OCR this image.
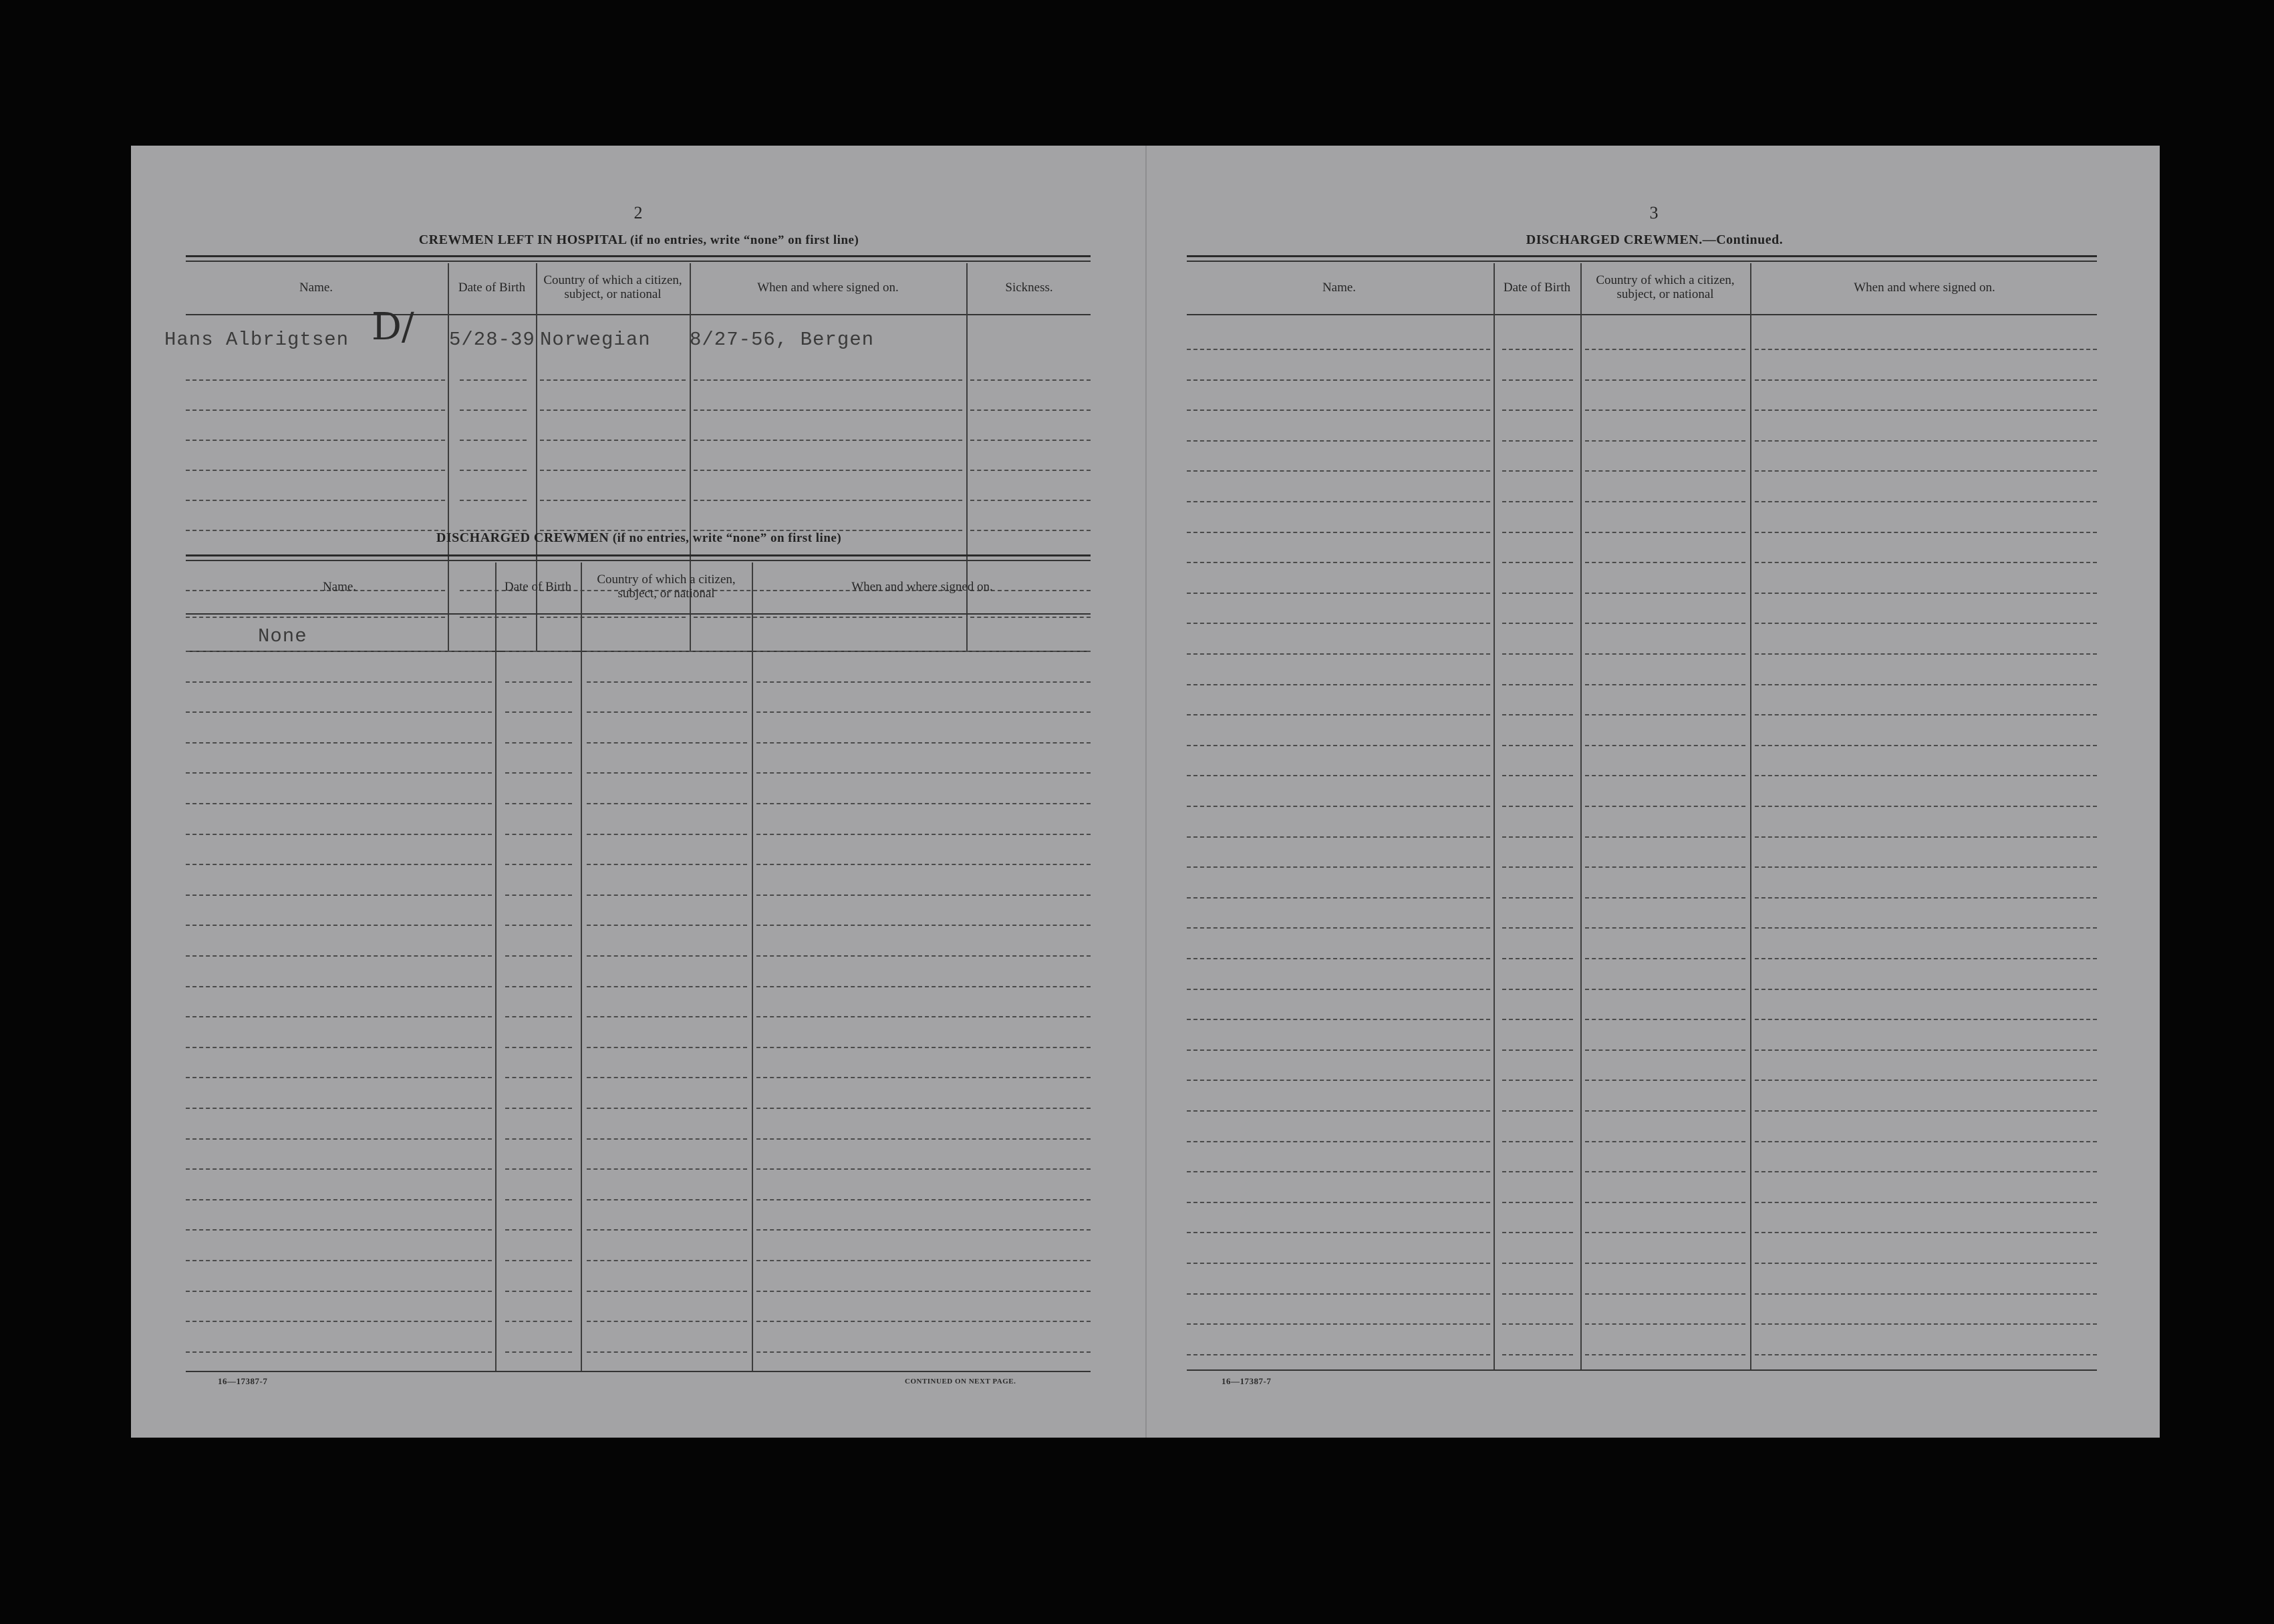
2
CREWMEN LEFT IN HOSPITAL (if no entries, write “none” on first line)
Name.	Date of Birth	Country of which a citizen, subject, or national	When and where signed on.	Sickness.
Hans Albrigtsen D/ 5/28-39 Norwegian 8/27-56, Bergen
DISCHARGED CREWMEN (if no entries, write “none” on first line)
Name.	Date of Birth	Country of which a citizen, subject, or national	When and where signed on.
None
16—17387-7	CONTINUED ON NEXT PAGE.
3
DISCHARGED CREWMEN.—Continued.
Name.	Date of Birth	Country of which a citizen, subject, or national	When and where signed on.
16—17387-7
